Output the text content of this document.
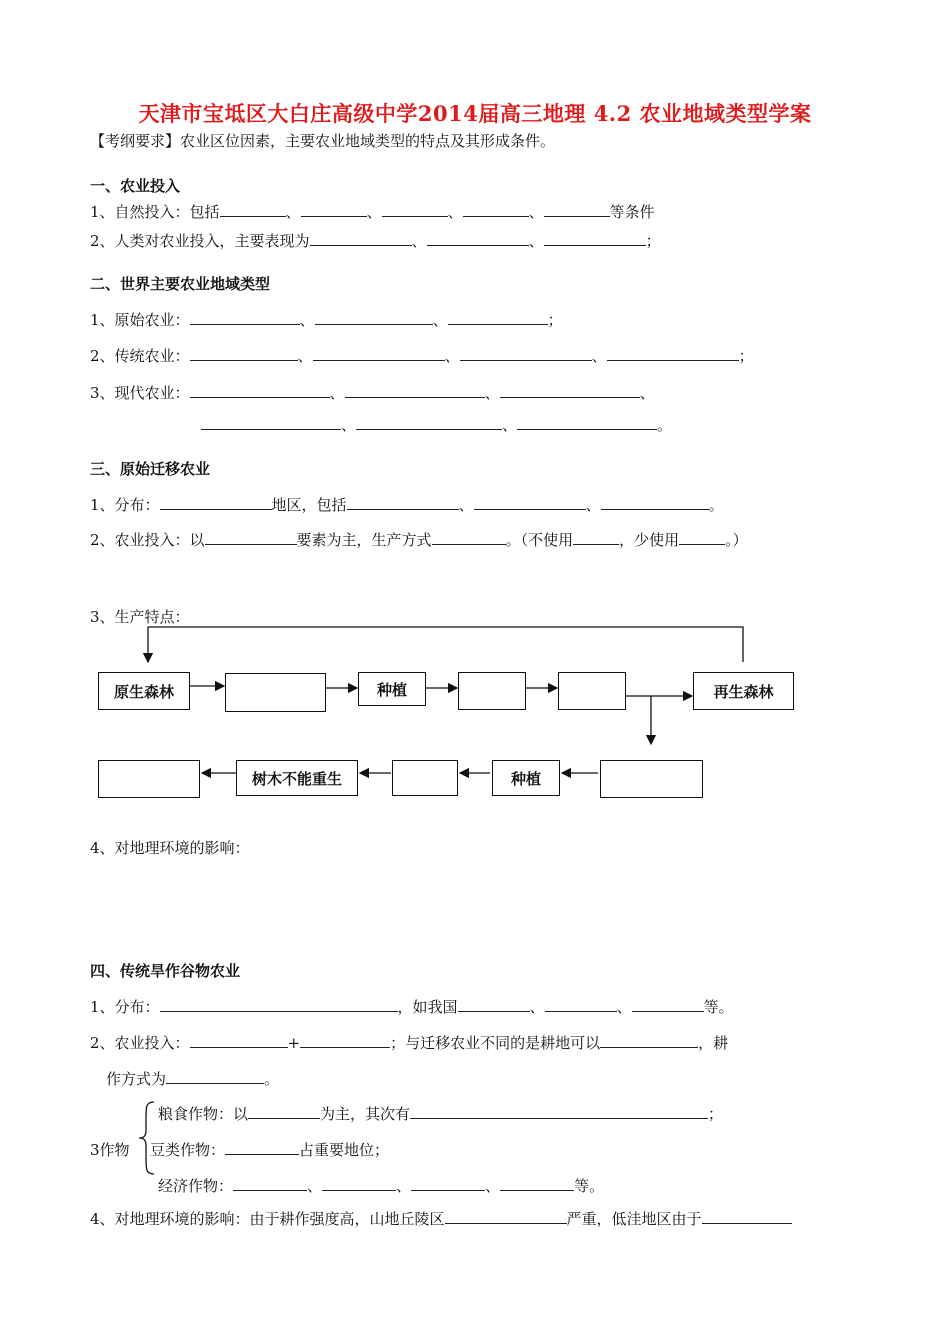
天津市宝坻区大白庄高级中学2014届高三地理 4.2 农业地域类型学案
【考纲要求】农业区位因素，主要农业地域类型的特点及其形成条件。
一、农业投入
1、自然投入：包括	、	、	、	、	等条件
2、人类对农业投入，主要表现为	、	、	；
二、世界主要农业地域类型
1、原始农业：	、	、	；
2、传统农业：	、	、	、	；
3、现代农业：	、	、	、
、	、	。
三、原始迁移农业
1、分布：	地区，包括	、	、	。
2、农业投入：以	要素为主，生产方式	。（不使用	，少使用	。）
3、生产特点：
原生森林	种植	再生森林
树木不能重生	种植
4、对地理环境的影响：
四、传统旱作谷物农业
1、分布：	，如我国	、	、	等。
2、农业投入：	+	；与迁移农业不同的是耕地可以	，耕
作方式为	。
3作物
粮食作物：以	为主，其次有	；
豆类作物：	占重要地位；
经济作物：	、	、	、	等。
4、对地理环境的影响：由于耕作强度高，山地丘陵区	严重，低洼地区由于
